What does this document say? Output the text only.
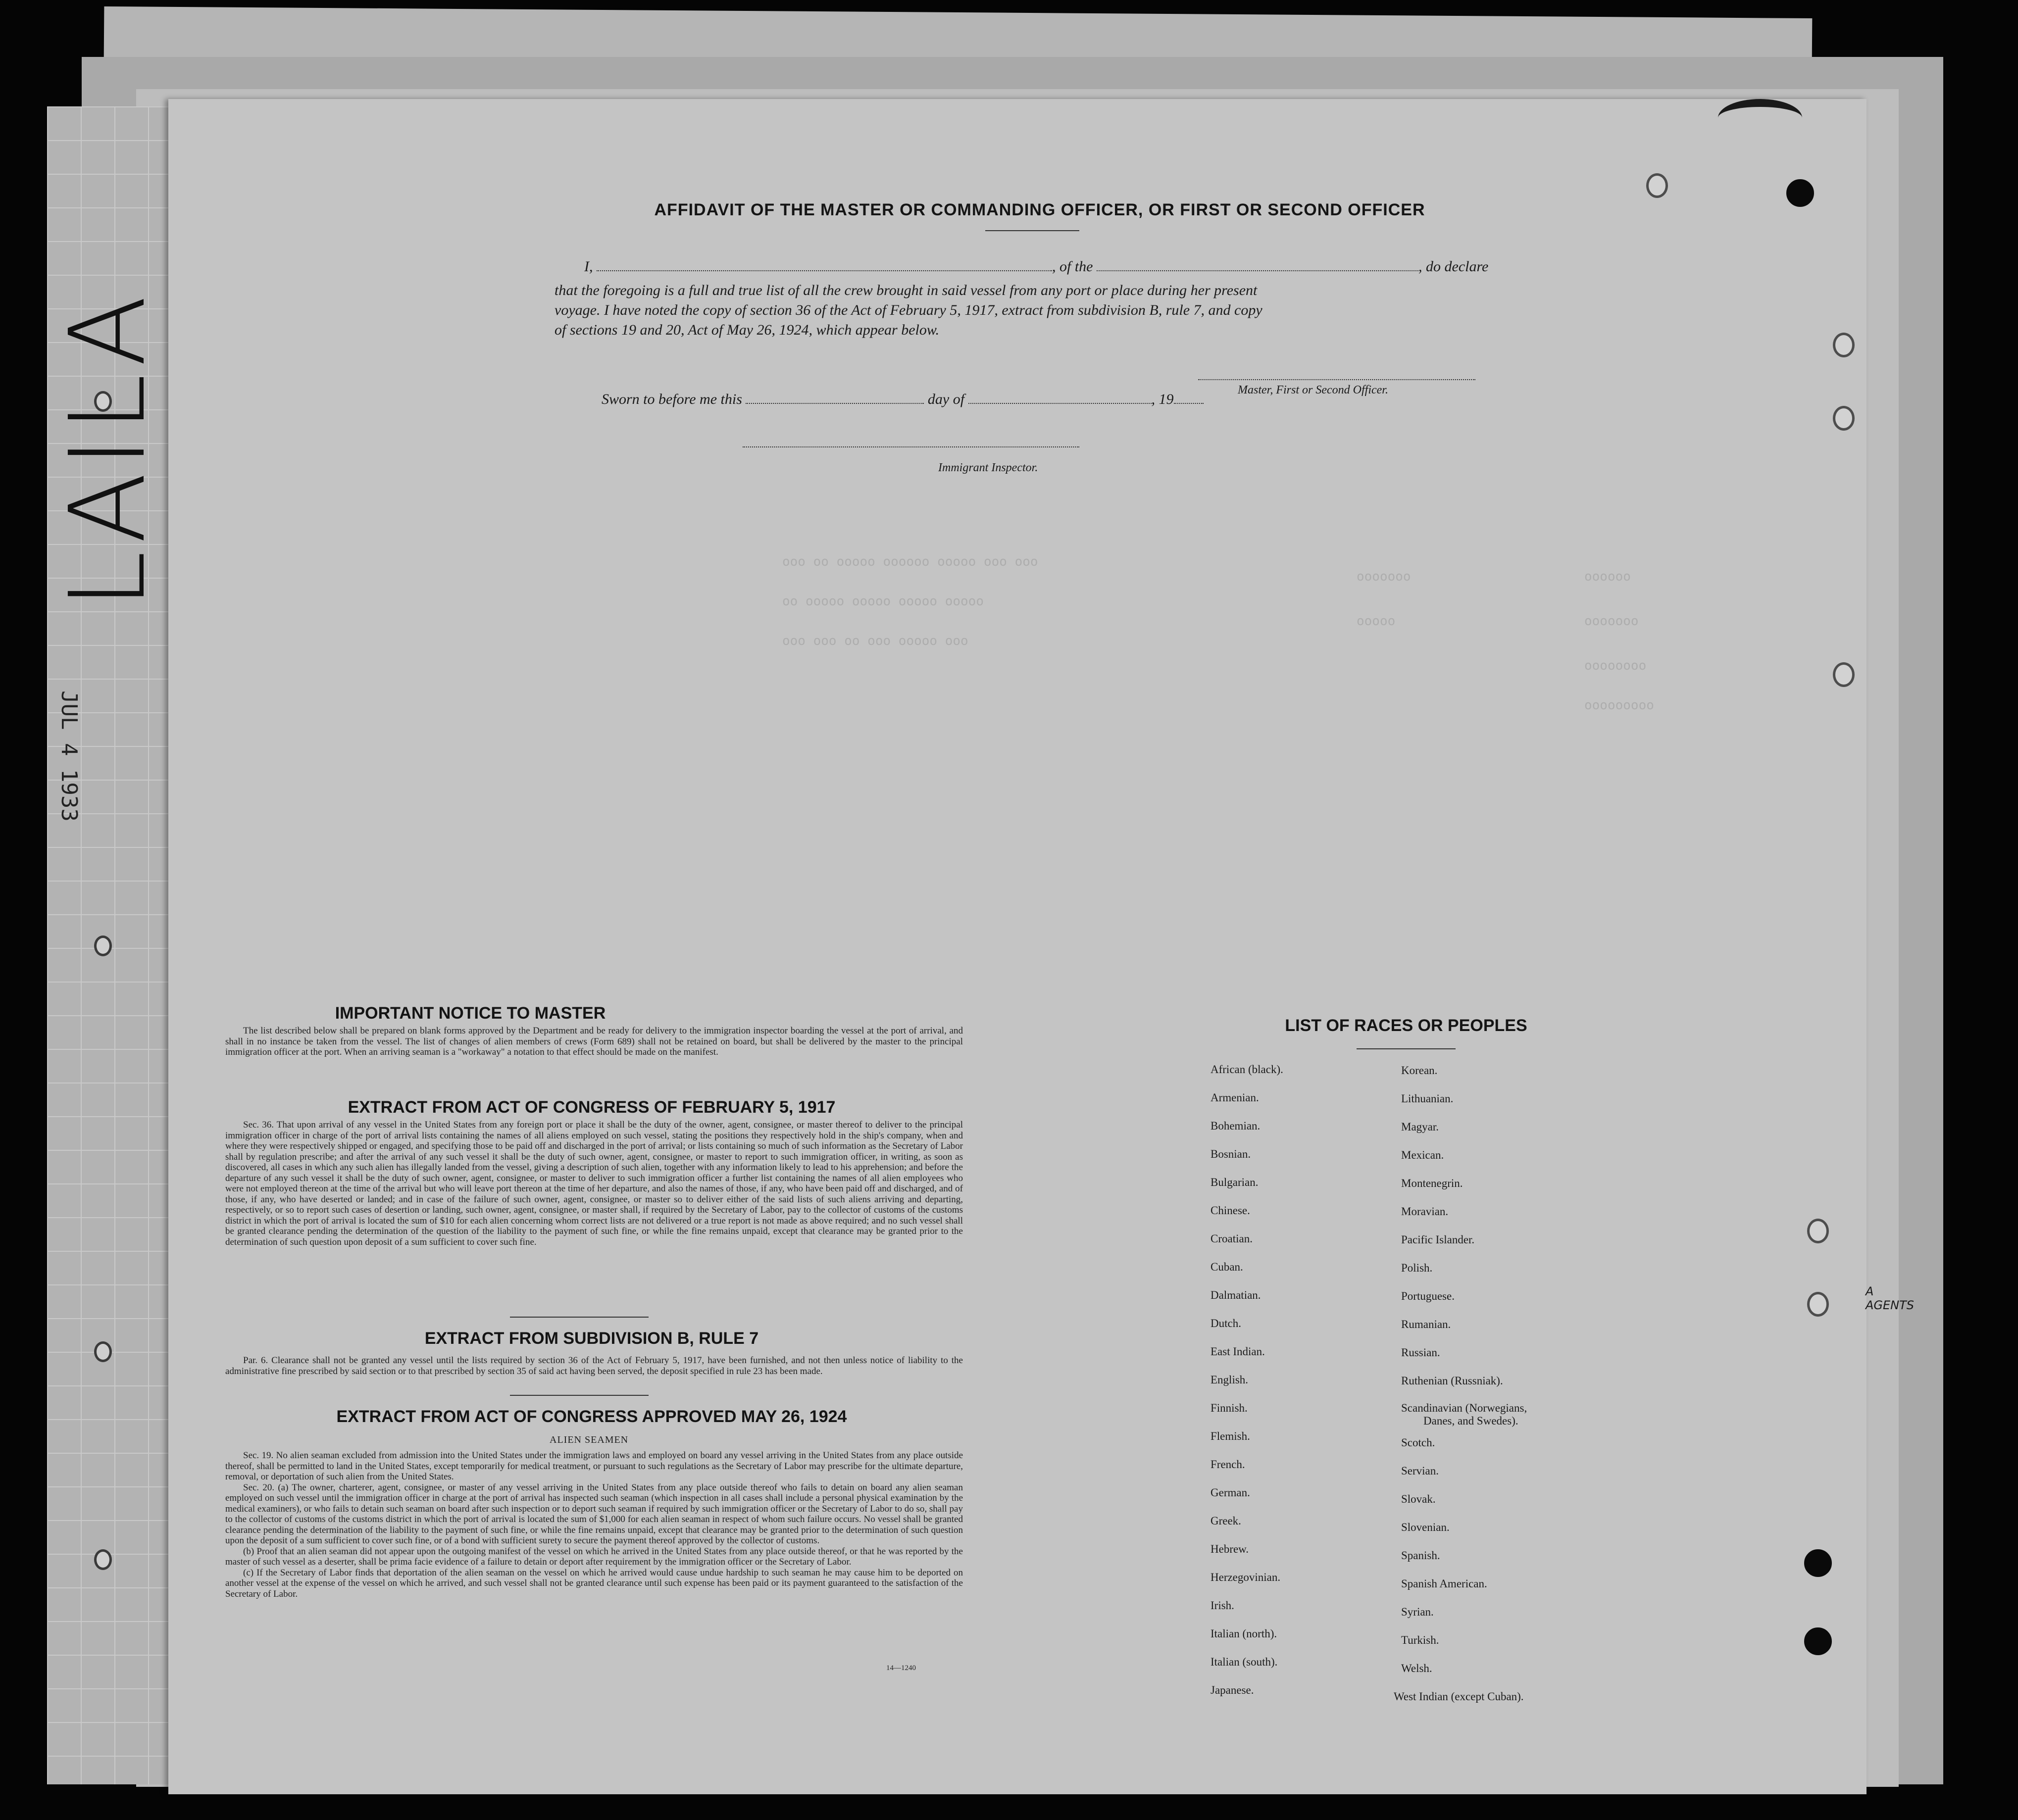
LAILA
JUL 4 1933
ooo oo ooooo oooooo ooooo ooo ooo
oo ooooo ooooo ooooo ooooo
ooo ooo oo ooo ooooo ooo
ooooooo
ooooo
oooooo
ooooooo
oooooooo
ooooooooo
A
AGENTS
AFFIDAVIT OF THE MASTER OR COMMANDING OFFICER, OR FIRST OR SECOND OFFICER
I,	, of the	, do declare
that the foregoing is a full and true list of all the crew brought in said vessel from any port or place during her present
voyage. I have noted the copy of section 36 of the Act of February 5, 1917, extract from subdivision B, rule 7, and copy
of sections 19 and 20, Act of May 26, 1924, which appear below.
Master, First or Second Officer.
Sworn to before me this	day of	, 19
Immigrant Inspector.
IMPORTANT NOTICE TO MASTER

The list described below shall be prepared on blank forms approved by the Department and be ready for delivery to the immigration inspector boarding the vessel at the port of arrival, and shall in no instance be taken from the vessel. The list of changes of alien members of crews (Form 689) shall not be retained on board, but shall be delivered by the master to the principal immigration officer at the port. When an arriving seaman is a "workaway" a notation to that effect should be made on the manifest.

EXTRACT FROM ACT OF CONGRESS OF FEBRUARY 5, 1917

Sec. 36. That upon arrival of any vessel in the United States from any foreign port or place it shall be the duty of the owner, agent, consignee, or master thereof to deliver to the principal immigration officer in charge of the port of arrival lists containing the names of all aliens employed on such vessel, stating the positions they respectively hold in the ship's company, when and where they were respectively shipped or engaged, and specifying those to be paid off and discharged in the port of arrival; or lists containing so much of such information as the Secretary of Labor shall by regulation prescribe; and after the arrival of any such vessel it shall be the duty of such owner, agent, consignee, or master to report to such immigration officer, in writing, as soon as discovered, all cases in which any such alien has illegally landed from the vessel, giving a description of such alien, together with any information likely to lead to his apprehension; and before the departure of any such vessel it shall be the duty of such owner, agent, consignee, or master to deliver to such immigration officer a further list containing the names of all alien employees who were not employed thereon at the time of the arrival but who will leave port thereon at the time of her departure, and also the names of those, if any, who have been paid off and discharged, and of those, if any, who have deserted or landed; and in case of the failure of such owner, agent, consignee, or master so to deliver either of the said lists of such aliens arriving and departing, respectively, or so to report such cases of desertion or landing, such owner, agent, consignee, or master shall, if required by the Secretary of Labor, pay to the collector of customs of the customs district in which the port of arrival is located the sum of $10 for each alien concerning whom correct lists are not delivered or a true report is not made as above required; and no such vessel shall be granted clearance pending the determination of the question of the liability to the payment of such fine, or while the fine remains unpaid, except that clearance may be granted prior to the determination of such question upon deposit of a sum sufficient to cover such fine.

EXTRACT FROM SUBDIVISION B, RULE 7

Par. 6. Clearance shall not be granted any vessel until the lists required by section 36 of the Act of February 5, 1917, have been furnished, and not then unless notice of liability to the administrative fine prescribed by said section or to that prescribed by section 35 of said act having been served, the deposit specified in rule 23 has been made.

EXTRACT FROM ACT OF CONGRESS APPROVED MAY 26, 1924
ALIEN SEAMEN

Sec. 19. No alien seaman excluded from admission into the United States under the immigration laws and employed on board any vessel arriving in the United States from any place outside thereof, shall be permitted to land in the United States, except temporarily for medical treatment, or pursuant to such regulations as the Secretary of Labor may prescribe for the ultimate departure, removal, or deportation of such alien from the United States.

Sec. 20. (a) The owner, charterer, agent, consignee, or master of any vessel arriving in the United States from any place outside thereof who fails to detain on board any alien seaman employed on such vessel until the immigration officer in charge at the port of arrival has inspected such seaman (which inspection in all cases shall include a personal physical examination by the medical examiners), or who fails to detain such seaman on board after such inspection or to deport such seaman if required by such immigration officer or the Secretary of Labor to do so, shall pay to the collector of customs of the customs district in which the port of arrival is located the sum of $1,000 for each alien seaman in respect of whom such failure occurs. No vessel shall be granted clearance pending the determination of the liability to the payment of such fine, or while the fine remains unpaid, except that clearance may be granted prior to the determination of such question upon the deposit of a sum sufficient to cover such fine, or of a bond with sufficient surety to secure the payment thereof approved by the collector of customs.

(b) Proof that an alien seaman did not appear upon the outgoing manifest of the vessel on which he arrived in the United States from any place outside thereof, or that he was reported by the master of such vessel as a deserter, shall be prima facie evidence of a failure to detain or deport after requirement by the immigration officer or the Secretary of Labor.

(c) If the Secretary of Labor finds that deportation of the alien seaman on the vessel on which he arrived would cause undue hardship to such seaman he may cause him to be deported on another vessel at the expense of the vessel on which he arrived, and such vessel shall not be granted clearance until such expense has been paid or its payment guaranteed to the satisfaction of the Secretary of Labor.

14—1240
LIST OF RACES OR PEOPLES
African (black).
Armenian.
Bohemian.
Bosnian.
Bulgarian.
Chinese.
Croatian.
Cuban.
Dalmatian.
Dutch.
East Indian.
English.
Finnish.
Flemish.
French.
German.
Greek.
Hebrew.
Herzegovinian.
Irish.
Italian (north).
Italian (south).
Japanese.
Korean.
Lithuanian.
Magyar.
Mexican.
Montenegrin.
Moravian.
Pacific Islander.
Polish.
Portuguese.
Rumanian.
Russian.
Ruthenian (Russniak).
Scandinavian (Norwegians,
Danes, and Swedes).
Scotch.
Servian.
Slovak.
Slovenian.
Spanish.
Spanish American.
Syrian.
Turkish.
Welsh.
West Indian (except Cuban).
